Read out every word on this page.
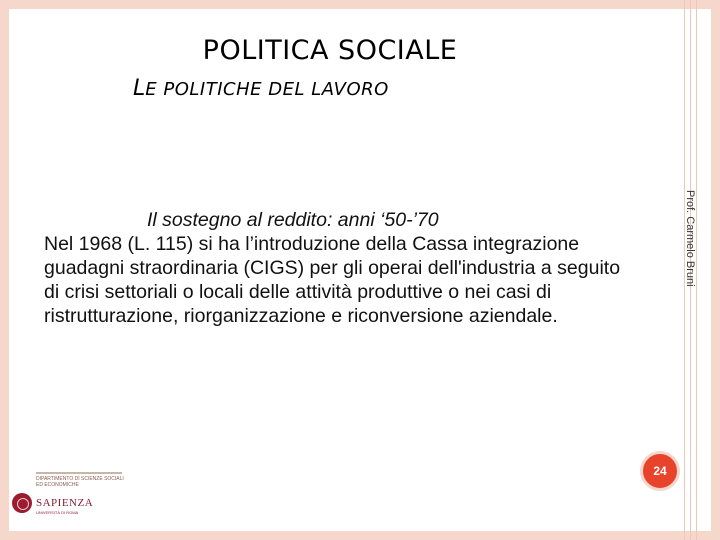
POLITICA SOCIALE
LE POLITICHE DEL LAVORO
Prof. Carmelo Bruni
Il sostegno al reddito: anni ‘50-’70
Nel 1968 (L. 115) si ha l’introduzione della Cassa integrazione guadagni straordinaria (CIGS) per gli operai dell'industria a seguito di crisi settoriali o locali delle attività produttive o nei casi di ristrutturazione, riorganizzazione e riconversione aziendale.
24
DIPARTIMENTO DI SCIENZE SOCIALI ED ECONOMICHE
SAPIENZA
UNIVERSITÀ DI ROMA
